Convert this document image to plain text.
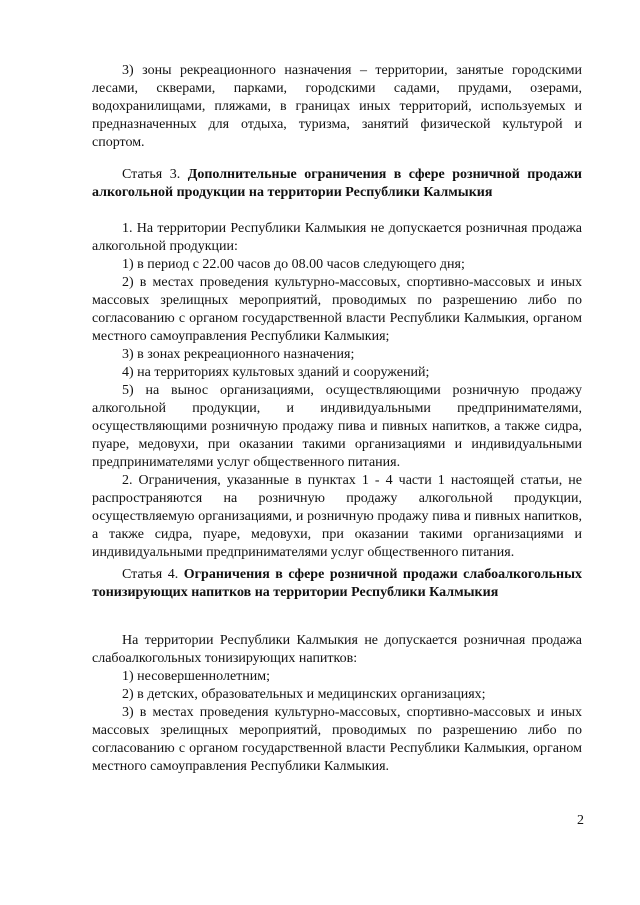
3) зоны рекреационного назначения – территории, занятые городскими
лесами, скверами, парками, городскими садами, прудами, озерами,
водохранилищами, пляжами, в границах иных территорий, используемых и
предназначенных для отдыха, туризма, занятий физической культурой и
спортом.

Статья 3. Дополнительные ограничения в сфере розничной продажи алкогольной продукции на территории Республики Калмыкия

1. На территории Республики Калмыкия не допускается розничная продажа алкогольной продукции:

1) в период с 22.00 часов до 08.00 часов следующего дня;

2) в местах проведения культурно-массовых, спортивно-массовых и иных массовых зрелищных мероприятий, проводимых по разрешению либо по согласованию с органом государственной власти Республики Калмыкия, органом местного самоуправления Республики Калмыкия;

3) в зонах рекреационного назначения;

4) на территориях культовых зданий и сооружений;

5) на вынос организациями, осуществляющими розничную продажу алкогольной продукции, и индивидуальными предпринимателями, осуществляющими розничную продажу пива и пивных напитков, а также сидра, пуаре, медовухи, при оказании такими организациями и индивидуальными предпринимателями услуг общественного питания.

2. Ограничения, указанные в пунктах 1 - 4 части 1 настоящей статьи, не распространяются на розничную продажу алкогольной продукции, осуществляемую организациями, и розничную продажу пива и пивных напитков, а также сидра, пуаре, медовухи, при оказании такими организациями и индивидуальными предпринимателями услуг общественного питания.

Статья 4. Ограничения в сфере розничной продажи слабоалкогольных тонизирующих напитков на территории Республики Калмыкия

На территории Республики Калмыкия не допускается розничная продажа слабоалкогольных тонизирующих напитков:

1) несовершеннолетним;

2) в детских, образовательных и медицинских организациях;

3) в местах проведения культурно-массовых, спортивно-массовых и иных массовых зрелищных мероприятий, проводимых по разрешению либо по согласованию с органом государственной власти Республики Калмыкия, органом местного самоуправления Республики Калмыкия.

2
